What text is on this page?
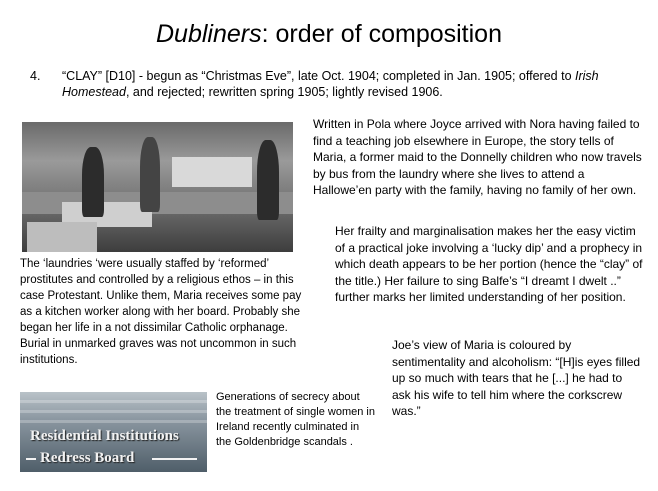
Dubliners: order of composition
4. “CLAY” [D10] - begun as “Christmas Eve”, late Oct. 1904; completed in Jan. 1905; offered to Irish Homestead, and rejected; rewritten spring 1905; lightly revised 1906.
Written in Pola where Joyce arrived with Nora having failed to find a teaching job elsewhere in Europe, the story tells of Maria, a former maid to the Donnelly children who now travels by bus from the laundry where she lives to attend a Hallowe’en party with the family, having no family of her own.
Her frailty and marginalisation makes her the easy victim of a practical joke involving a ‘lucky dip’ and a prophecy in which death appears to be her portion (hence the “clay” of the title.) Her failure to sing Balfe’s “I dreamt I dwelt ..” further marks her limited understanding of her position.
The ‘laundries ‘were usually staffed by ‘reformed’ prostitutes and controlled by a religious ethos – in this case Protestant. Unlike them, Maria receives some pay as a kitchen worker along with her board. Probably she began her life in a not dissimilar Catholic orphanage. Burial in unmarked graves was not uncommon in such institutions.
Joe’s view of Maria is coloured by sentimentality and alcoholism: “[H]is eyes filled up so much with tears that he [...] he had to ask his wife to tell him where the corkscrew was.”
Residential Institutions
Redress Board
Generations of secrecy about the treatment of single women in Ireland recently culminated in the Goldenbridge scandals .
